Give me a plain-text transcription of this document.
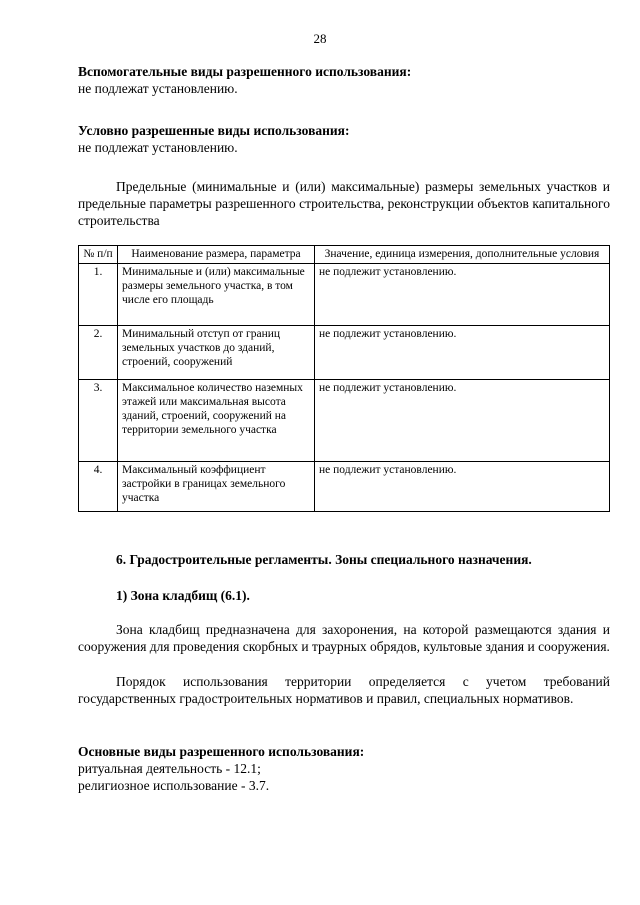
28
Вспомогательные виды разрешенного использования:
не подлежат установлению.
Условно разрешенные виды использования:
не подлежат установлению.
Предельные (минимальные и (или) максимальные) размеры земельных участков и предельные параметры разрешенного строительства, реконструкции объектов капитального строительства
№ п/п	Наименование размера, параметра	Значение, единица измерения, дополнительные условия
1.	Минимальные и (или) максимальные размеры земельного участка, в том числе его площадь	не подлежит установлению.
2.	Минимальный отступ от границ земельных участков до зданий, строений, сооружений	не подлежит установлению.
3.	Максимальное количество наземных этажей или максимальная высота зданий, строений, сооружений на территории земельного участка	не подлежит установлению.
4.	Максимальный коэффициент застройки в границах земельного участка	не подлежит установлению.
6. Градостроительные регламенты. Зоны специального назначения.
1) Зона кладбищ (6.1).
Зона кладбищ предназначена для захоронения, на которой размещаются здания и сооружения для проведения скорбных и траурных обрядов, культовые здания и сооружения.
Порядок использования территории определяется с учетом требований государственных градостроительных нормативов и правил, специальных нормативов.
Основные виды разрешенного использования:
ритуальная деятельность - 12.1;
религиозное использование - 3.7.
